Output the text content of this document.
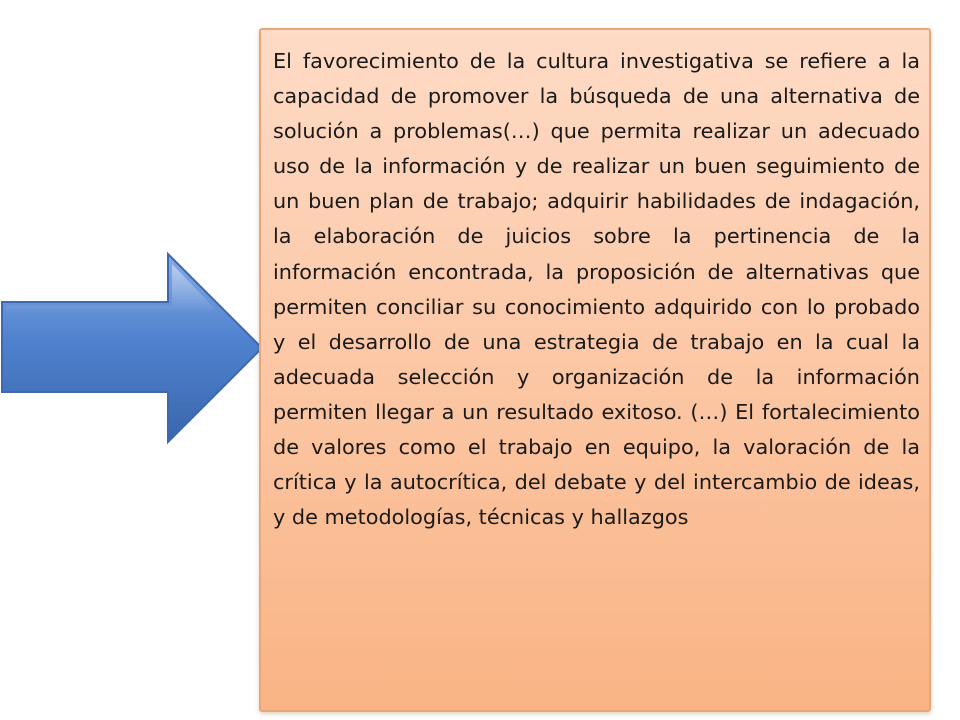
El favorecimiento de la cultura investigativa se refiere a la capacidad de promover la búsqueda de una alternativa de solución a problemas(…) que permita realizar un adecuado uso de la información y de realizar un buen seguimiento de un buen plan de trabajo; adquirir habilidades de indagación, la elaboración de juicios sobre la pertinencia de la información encontrada, la proposición de alternativas que permiten conciliar su conocimiento adquirido con lo probado y el desarrollo de una estrategia de trabajo en la cual la adecuada selección y organización de la información permiten llegar a un resultado exitoso. (…) El fortalecimiento de valores como el trabajo en equipo, la valoración de la crítica y la autocrítica, del debate y del intercambio de ideas, y de metodologías, técnicas y hallazgos
